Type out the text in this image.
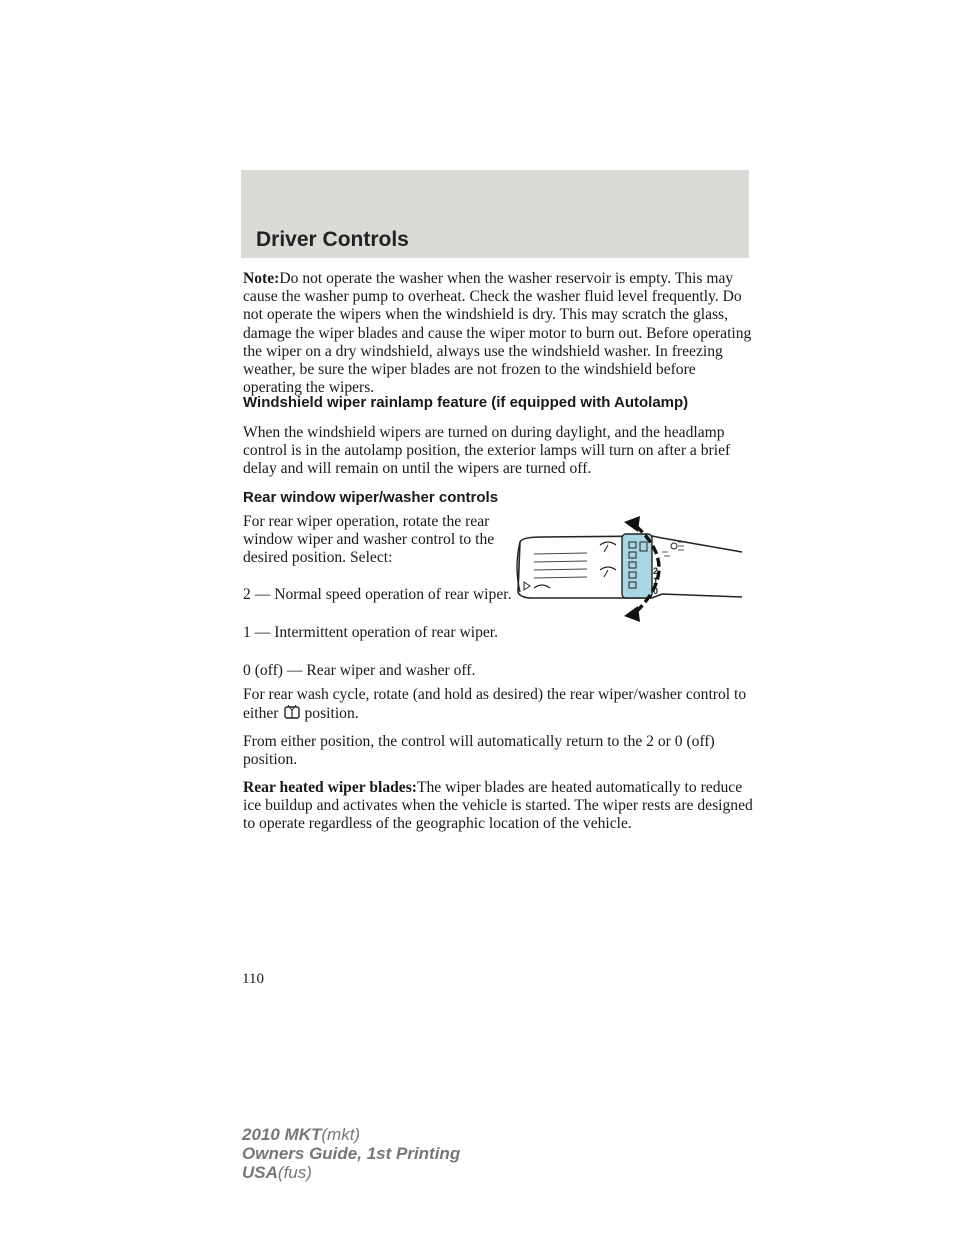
Driver Controls

Note:Do not operate the washer when the washer reservoir is empty. This may cause the washer pump to overheat. Check the washer fluid level frequently. Do not operate the wipers when the windshield is dry. This may scratch the glass, damage the wiper blades and cause the wiper motor to burn out. Before operating the wiper on a dry windshield, always use the windshield washer. In freezing weather, be sure the wiper blades are not frozen to the windshield before operating the wipers.

Windshield wiper rainlamp feature (if equipped with Autolamp)

When the windshield wipers are turned on during daylight, and the headlamp control is in the autolamp position, the exterior lamps will turn on after a brief delay and will remain on until the wipers are turned off.

Rear window wiper/washer controls
For rear wiper operation, rotate the rear window wiper and washer control to the desired position. Select:
2 — Normal speed operation of rear wiper.
1 — Intermittent operation of rear wiper.
0 (off) — Rear wiper and washer off.

For rear wash cycle, rotate (and hold as desired) the rear wiper/washer control to either position.

From either position, the control will automatically return to the 2 or 0 (off) position.

Rear heated wiper blades:The wiper blades are heated automatically to reduce ice buildup and activates when the vehicle is started. The wiper rests are designed to operate regardless of the geographic location of the vehicle.

2
1
0
110
2010 MKT(mkt)
Owners Guide, 1st Printing
USA(fus)
